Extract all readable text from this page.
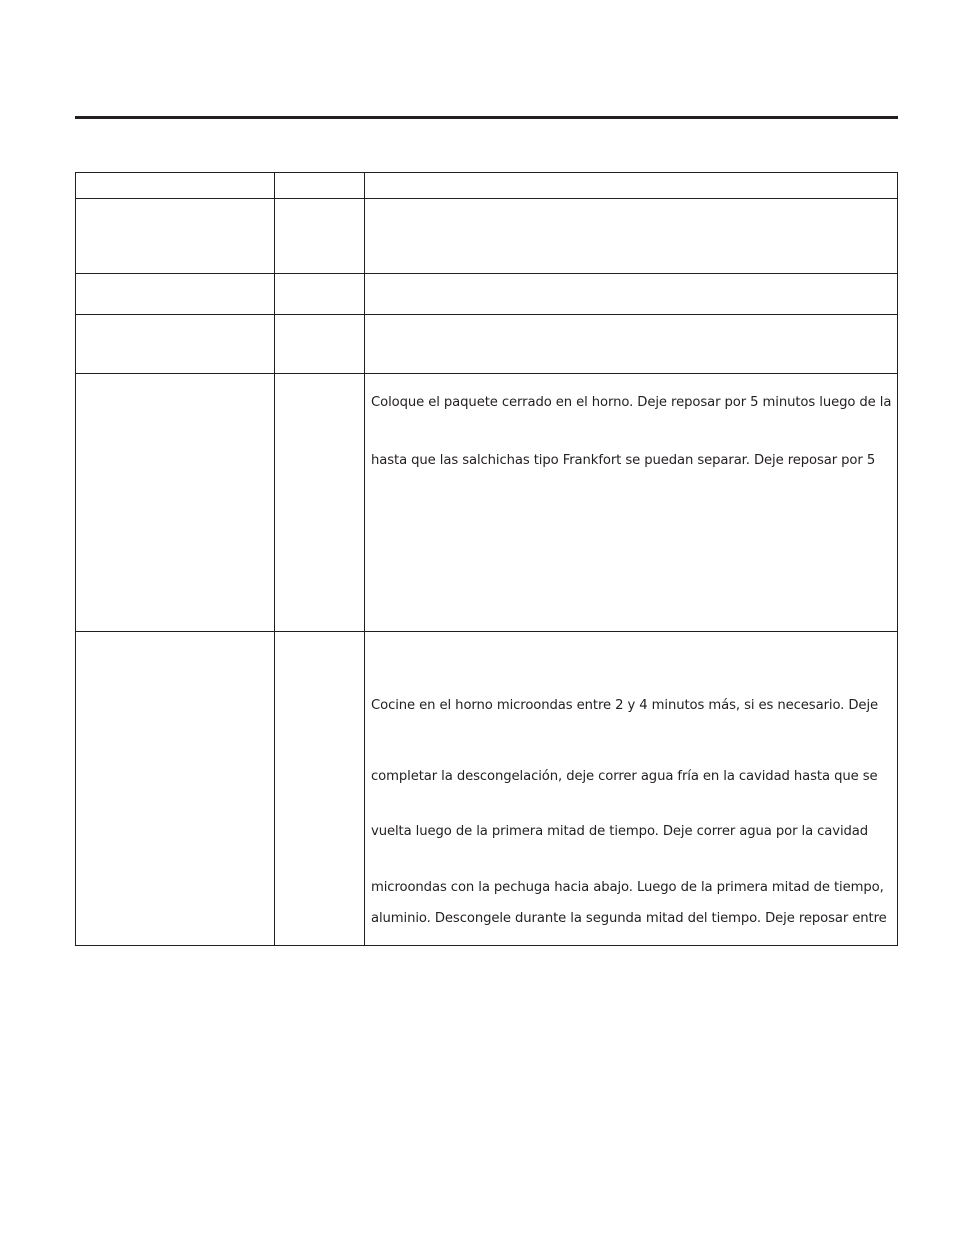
Coloque el paquete cerrado en el horno. Deje reposar por 5 minutos luego de la
hasta que las salchichas tipo Frankfort se puedan separar. Deje reposar por 5
Cocine en el horno microondas entre 2 y 4 minutos más, si es necesario. Deje
completar la descongelación, deje correr agua fría en la cavidad hasta que se
vuelta luego de la primera mitad de tiempo. Deje correr agua por la cavidad
microondas con la pechuga hacia abajo. Luego de la primera mitad de tiempo,
aluminio. Descongele durante la segunda mitad del tiempo. Deje reposar entre
